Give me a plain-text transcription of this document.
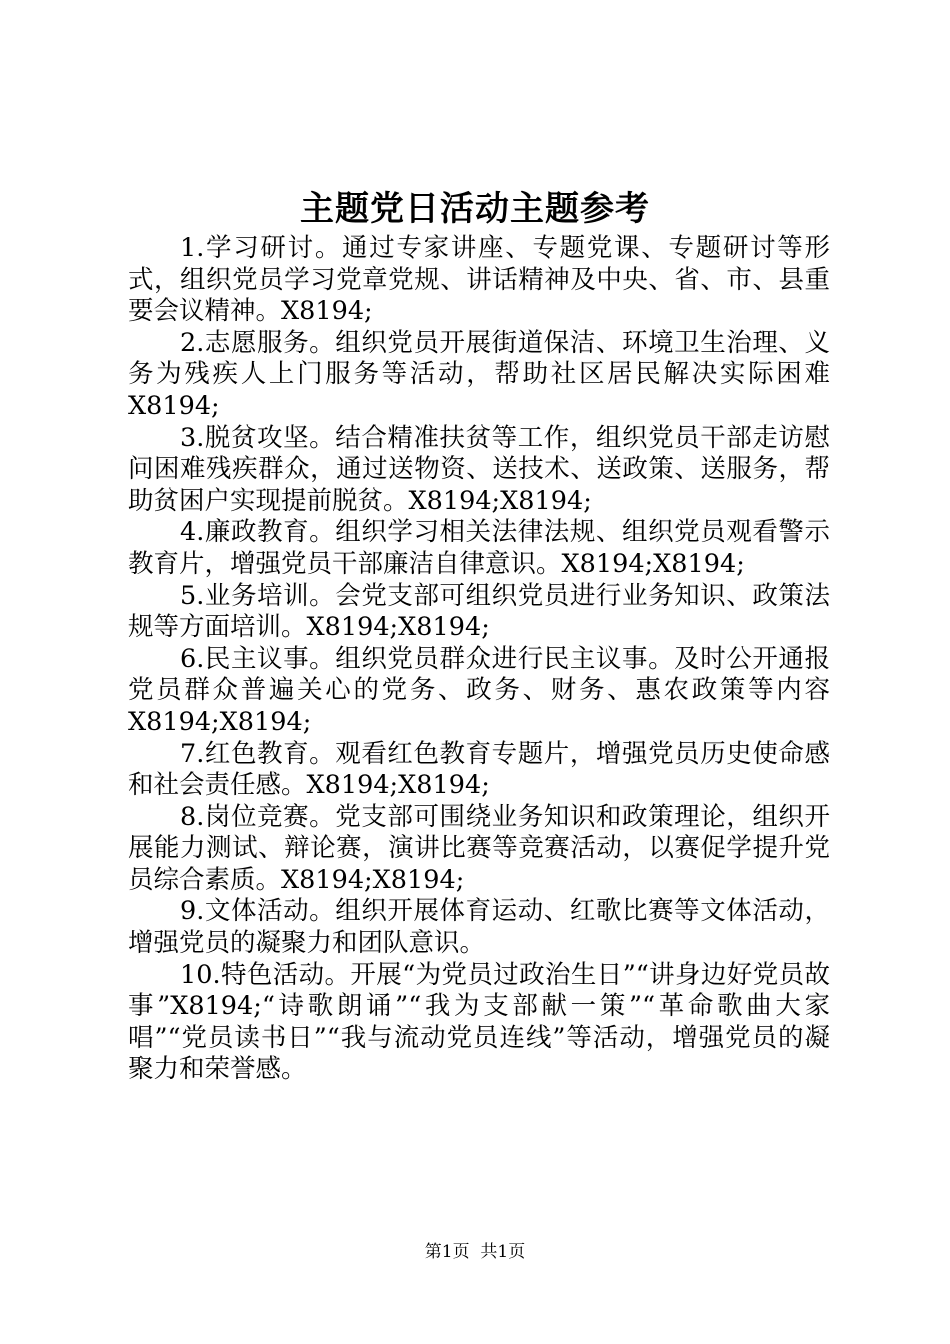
主题党日活动主题参考

1.学习研讨。通过专家讲座、专题党课、专题研讨等形式，组织党员学习党章党规、讲话精神及中央、省、市、县重要会议精神。X8194;

2.志愿服务。组织党员开展街道保洁、环境卫生治理、义务为残疾人上门服务等活动，帮助社区居民解决实际困难X8194;

3.脱贫攻坚。结合精准扶贫等工作，组织党员干部走访慰问困难残疾群众，通过送物资、送技术、送政策、送服务，帮助贫困户实现提前脱贫。X8194;X8194;

4.廉政教育。组织学习相关法律法规、组织党员观看警示教育片，增强党员干部廉洁自律意识。X8194;X8194;

5.业务培训。会党支部可组织党员进行业务知识、政策法规等方面培训。X8194;X8194;

6.民主议事。组织党员群众进行民主议事。及时公开通报党员群众普遍关心的党务、政务、财务、惠农政策等内容X8194;X8194;

7.红色教育。观看红色教育专题片，增强党员历史使命感和社会责任感。X8194;X8194;

8.岗位竞赛。党支部可围绕业务知识和政策理论，组织开展能力测试、辩论赛，演讲比赛等竞赛活动，以赛促学提升党员综合素质。X8194;X8194;

9.文体活动。组织开展体育运动、红歌比赛等文体活动，增强党员的凝聚力和团队意识。

10.特色活动。开展“为党员过政治生日”“讲身边好党员故事”X8194;“诗歌朗诵”“我为支部献一策”“革命歌曲大家唱”“党员读书日”“我与流动党员连线”等活动，增强党员的凝聚力和荣誉感。

第1页 共1页
